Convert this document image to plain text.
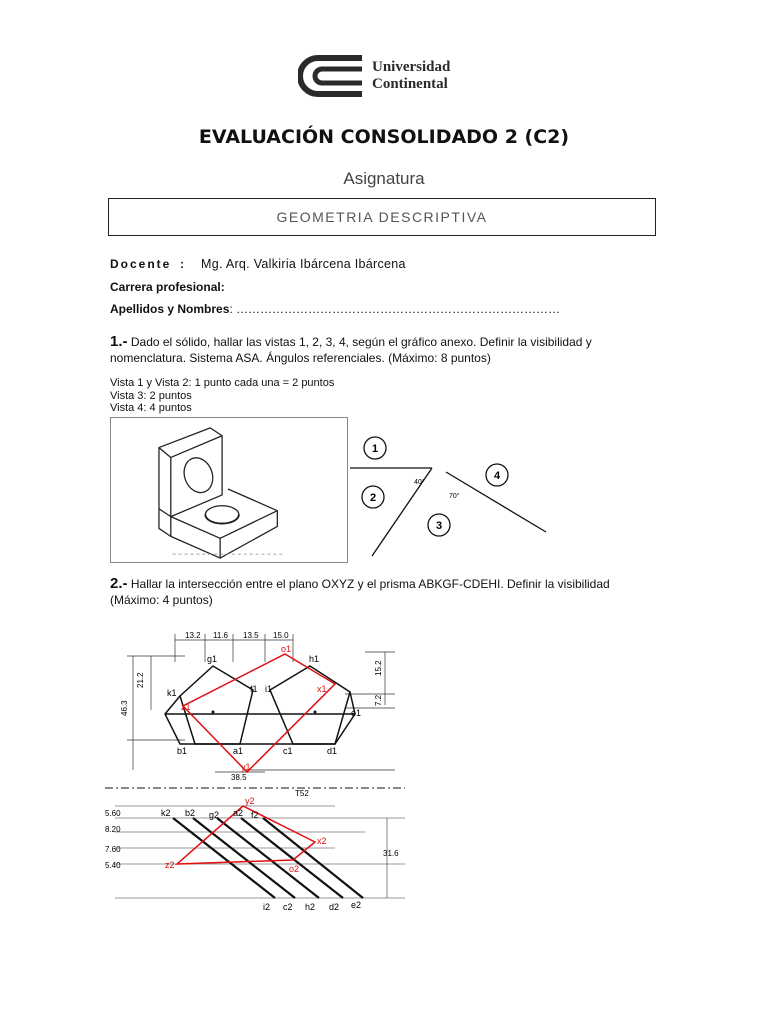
Universidad
Continental
EVALUACIÓN CONSOLIDADO 2 (C2)
Asignatura
GEOMETRIA DESCRIPTIVA
Docente : Mg. Arq. Valkiria Ibárcena Ibárcena
Carrera profesional:
Apellidos y Nombres: ………………………………………………………………………
1.- Dado el sólido, hallar las vistas 1, 2, 3, 4, según el gráfico anexo. Definir la visibilidad y nomenclatura. Sistema ASA. Ángulos referenciales. (Máximo: 8 puntos)
Vista 1 y Vista 2: 1 punto cada una = 2 puntos
Vista 3: 2 puntos
Vista 4: 4 puntos
1
2
3
4
40°
70°
2.- Hallar la intersección entre el plano OXYZ y el prisma ABKGF-CDEHI. Definir la visibilidad (Máximo: 4 puntos)
13.2 11.6 13.5 15.0
21.2
46.3
15.2
7.2
38.5
g1	h1
k1	f1 i1
e1
o1
x1
z1
y1
b1	a1	c1	d1
T52
5.60
8.20
7.60
5.40
31.6
k2 b2 g2 a2 f2
y2
x2
z2	o2
i2 c2 h2 d2 e2
